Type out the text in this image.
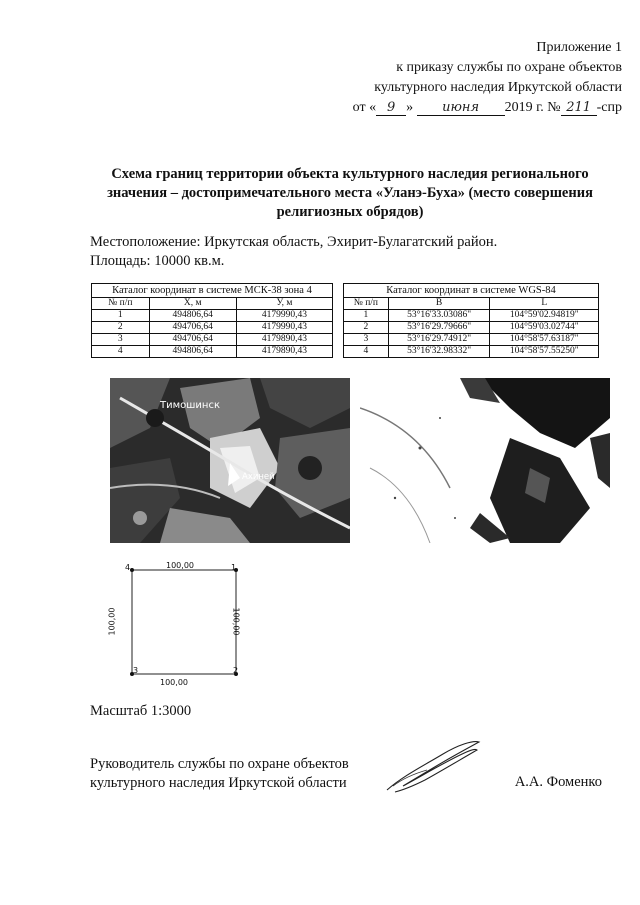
Приложение 1
к приказу службы по охране объектов
культурного наследия Иркутской области
от « 9 » июня 2019 г. № 211 -спр
Схема границ территории объекта культурного наследия регионального
значения – достопримечательного места «Уланэ-Буха» (место совершения
религиозных обрядов)
Местоположение: Иркутская область, Эхирит-Булагатский район.
Площадь: 10000 кв.м.
Каталог координат в системе МСК-38 зона 4		
№ п/п	X, м	У, м
1	494806,64	4179990,43
2	494706,64	4179990,43
3	494706,64	4179890,43
4	494806,64	4179890,43
Каталог координат в системе WGS-84		
№ п/п	B	L
1	53°16'33.03086"	104°59'02.94819"
2	53°16'29.79666"	104°59'03.02744"
3	53°16'29.74912"	104°58'57.63187"
4	53°16'32.98332"	104°58'57.55250"
Тимошинск
Ахиней
4	1
3	2
100,00
100,00
100,00	100,00
Масштаб 1:3000
Руководитель службы по охране объектов
культурного наследия Иркутской области	А.А. Фоменко
